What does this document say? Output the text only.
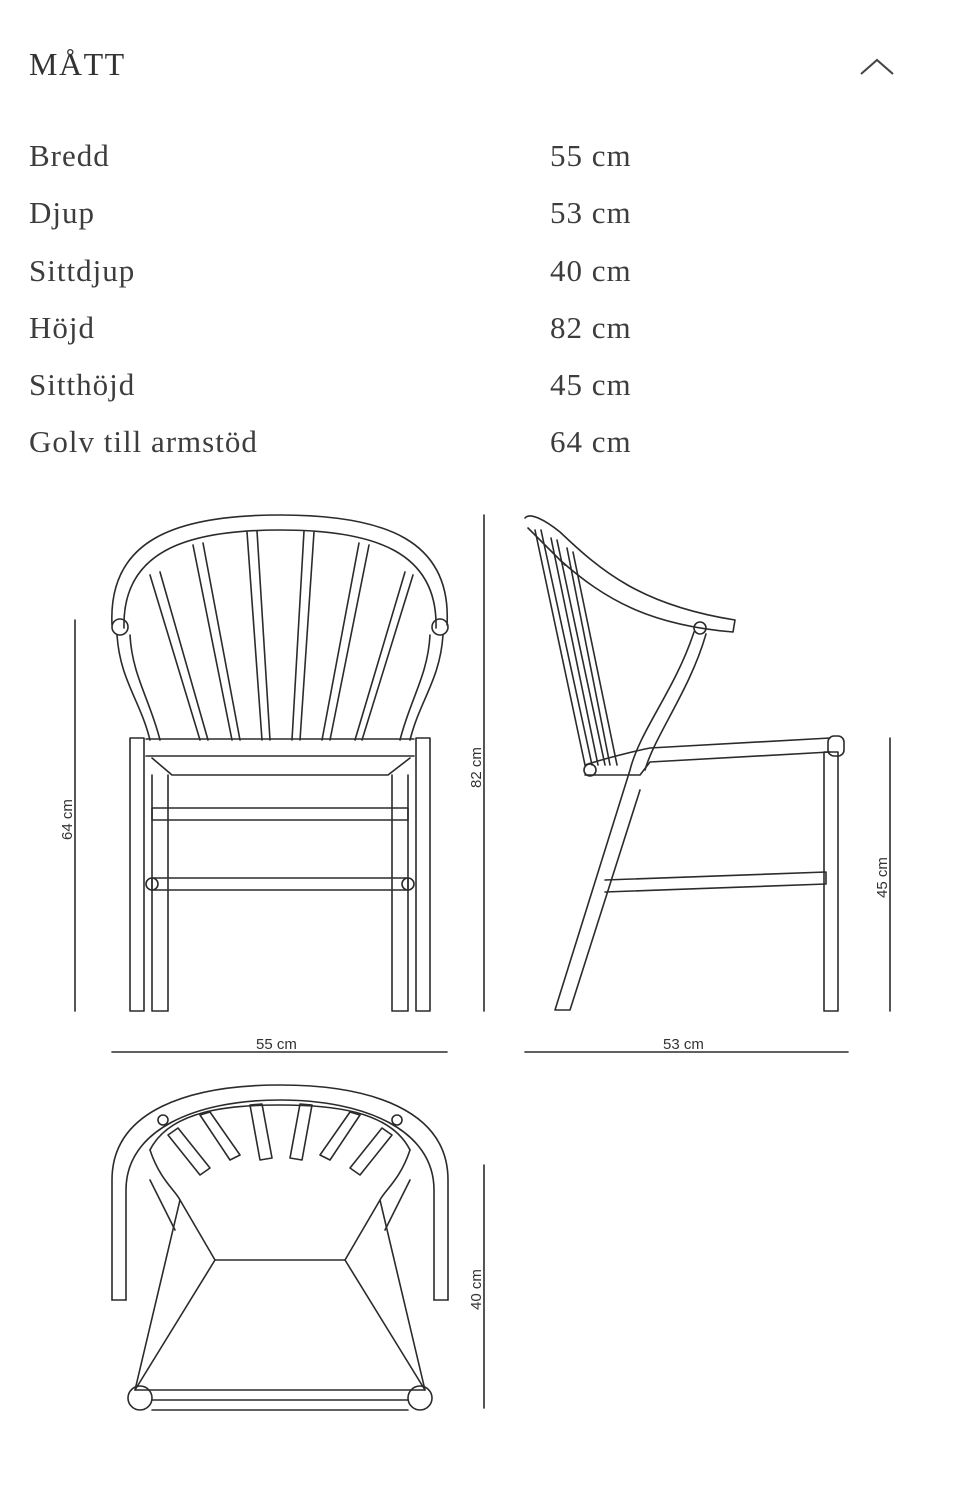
MÅTT
Bredd	55 cm
Djup	53 cm
Sittdjup	40 cm
Höjd	82 cm
Sitthöjd	45 cm
Golv till armstöd	64 cm
64 cm
82 cm
55 cm	53 cm
45 cm
40 cm
